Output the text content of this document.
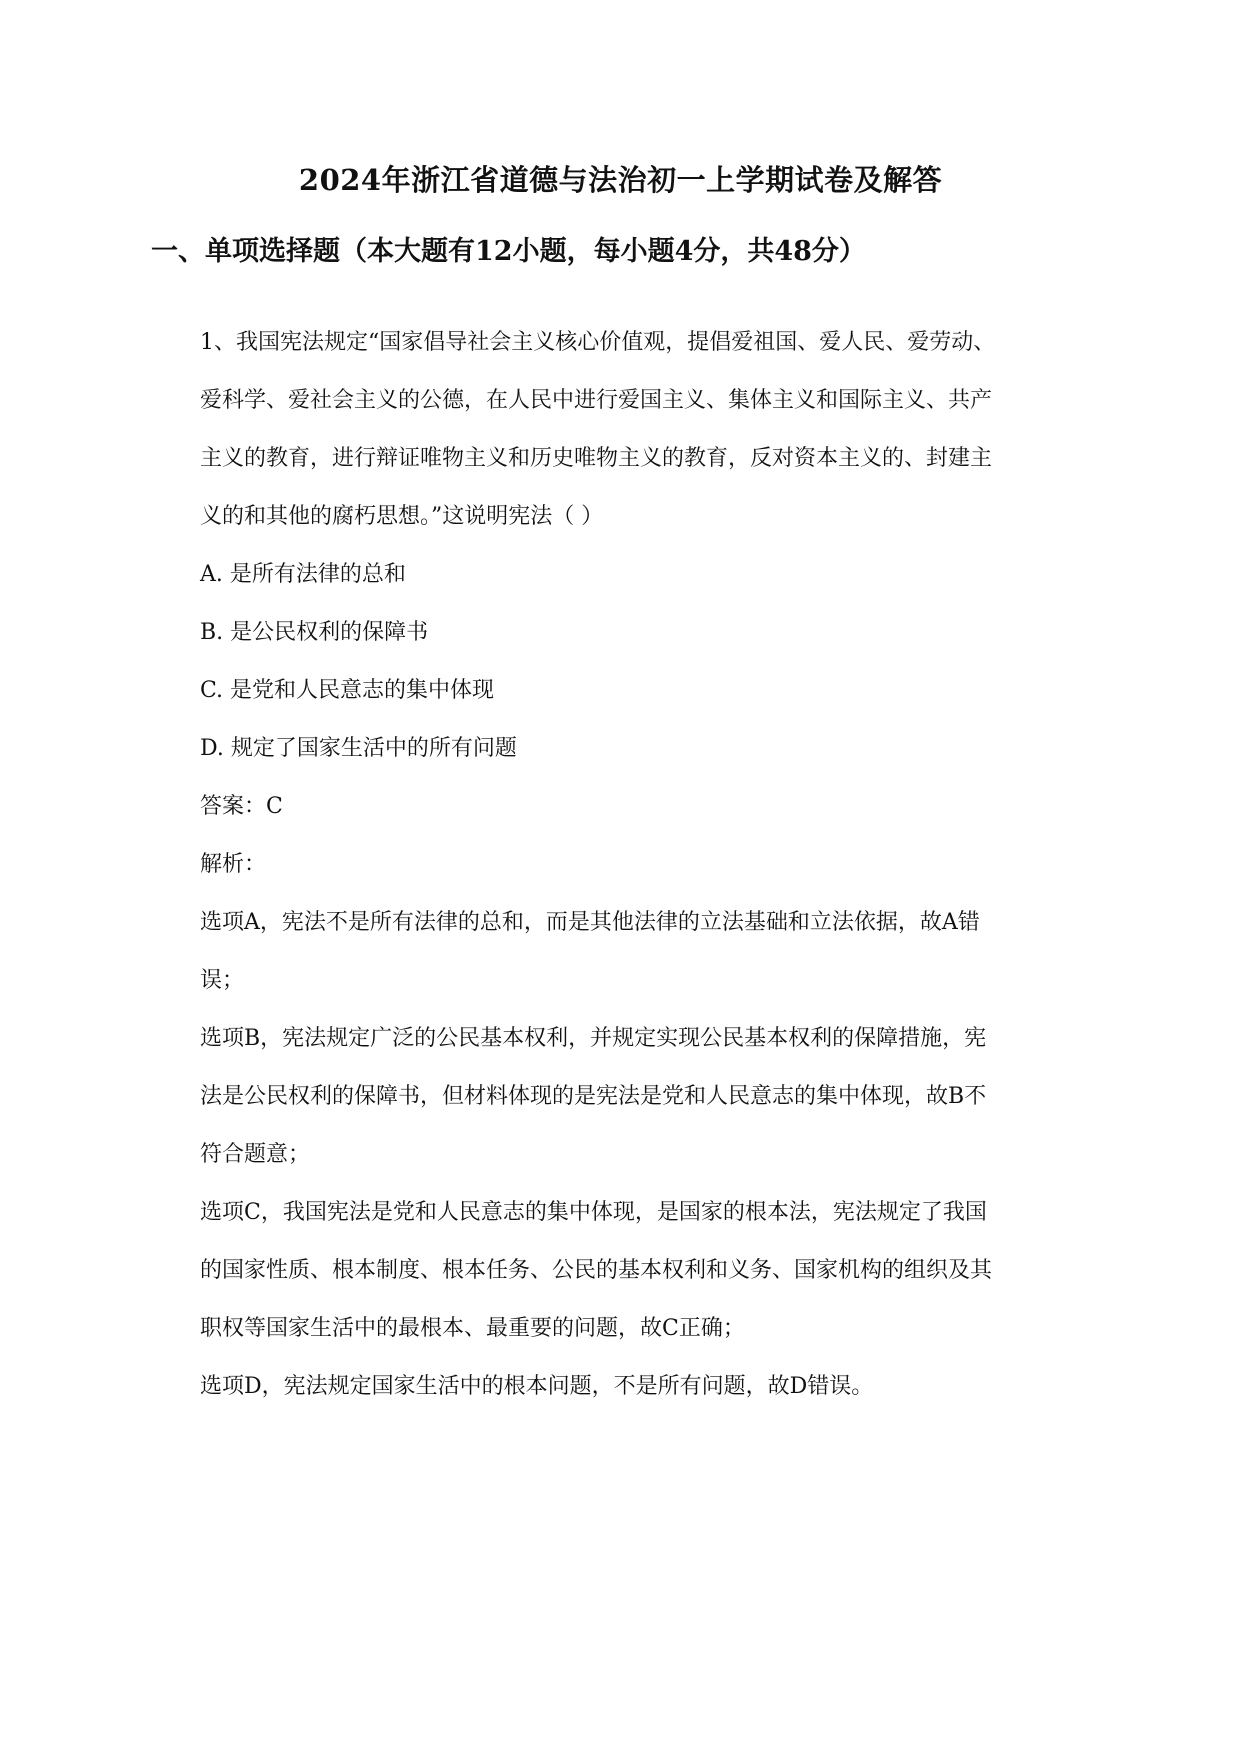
2024年浙江省道德与法治初一上学期试卷及解答
一、单项选择题（本大题有12小题，每小题4分，共48分）
1、我国宪法规定“国家倡导社会主义核心价值观，提倡爱祖国、爱人民、爱劳动、
爱科学、爱社会主义的公德，在人民中进行爱国主义、集体主义和国际主义、共产
主义的教育，进行辩证唯物主义和历史唯物主义的教育，反对资本主义的、封建主
义的和其他的腐朽思想。”这说明宪法（ ）
A. 是所有法律的总和
B. 是公民权利的保障书
C. 是党和人民意志的集中体现
D. 规定了国家生活中的所有问题
答案：C
解析：
选项A，宪法不是所有法律的总和，而是其他法律的立法基础和立法依据，故A错
误；
选项B，宪法规定广泛的公民基本权利，并规定实现公民基本权利的保障措施，宪
法是公民权利的保障书，但材料体现的是宪法是党和人民意志的集中体现，故B不
符合题意；
选项C，我国宪法是党和人民意志的集中体现，是国家的根本法，宪法规定了我国
的国家性质、根本制度、根本任务、公民的基本权利和义务、国家机构的组织及其
职权等国家生活中的最根本、最重要的问题，故C正确；
选项D，宪法规定国家生活中的根本问题，不是所有问题，故D错误。
